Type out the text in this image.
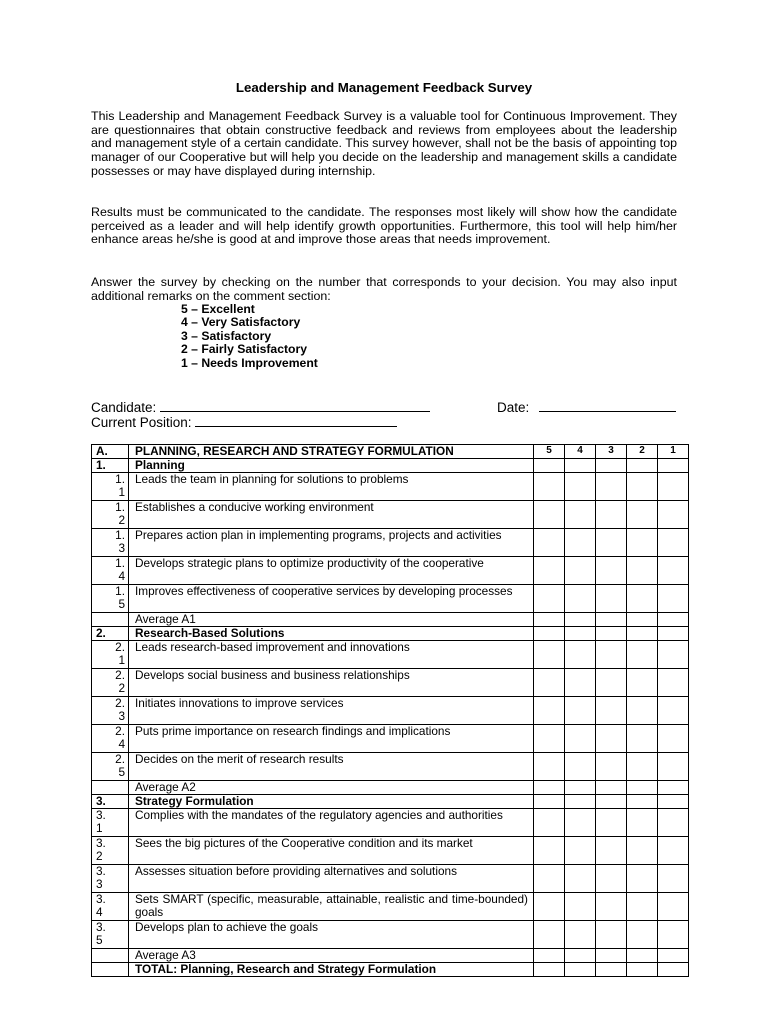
Leadership and Management Feedback Survey

This Leadership and Management Feedback Survey is a valuable tool for Continuous Improvement. They are questionnaires that obtain constructive feedback and reviews from employees about the leadership and management style of a certain candidate. This survey however, shall not be the basis of appointing top manager of our Cooperative but will help you decide on the leadership and management skills a candidate possesses or may have displayed during internship.

Results must be communicated to the candidate. The responses most likely will show how the candidate perceived as a leader and will help identify growth opportunities. Furthermore, this tool will help him/her enhance areas he/she is good at and improve those areas that needs improvement.

Answer the survey by checking on the number that corresponds to your decision. You may also input additional remarks on the comment section:

5 – Excellent
4 – Very Satisfactory
3 – Satisfactory
2 – Fairly Satisfactory
1 – Needs Improvement
Candidate:	Date:
Current Position:
A.	PLANNING, RESEARCH AND STRATEGY FORMULATION	5	4	3	2	1
1.	Planning					
1.
1	Leads the team in planning for solutions to problems					
1.
2	Establishes a conducive working environment					
1.
3	Prepares action plan in implementing programs, projects and activities					
1.
4	Develops strategic plans to optimize productivity of the cooperative					
1.
5	Improves effectiveness of cooperative services by developing processes					
	Average A1					
2.	Research-Based Solutions					
2.
1	Leads research-based improvement and innovations					
2.
2	Develops social business and business relationships					
2.
3	Initiates innovations to improve services					
2.
4	Puts prime importance on research findings and implications					
2.
5	Decides on the merit of research results					
	Average A2					
3.	Strategy Formulation					
3.
1	Complies with the mandates of the regulatory agencies and authorities					
3.
2	Sees the big pictures of the Cooperative condition and its market					
3.
3	Assesses situation before providing alternatives and solutions					
3.
4	Sets SMART (specific, measurable, attainable, realistic and time-bounded) goals					
3.
5	Develops plan to achieve the goals					
	Average A3					
	TOTAL: Planning, Research and Strategy Formulation					
